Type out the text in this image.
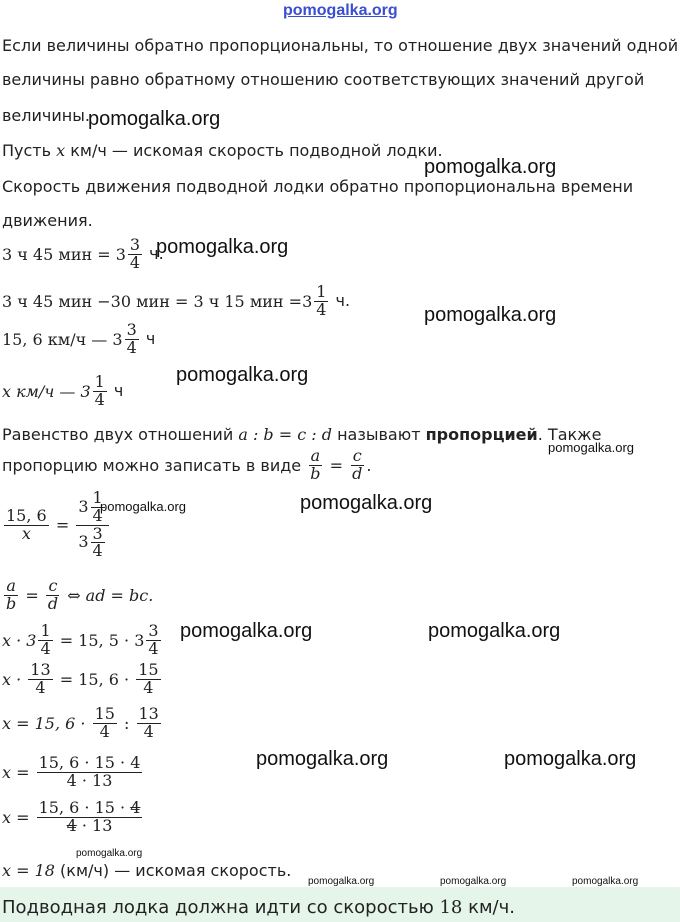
pomogalka.org
Если величины обратно пропорциональны, то отношение двух значений одной
величины равно обратному отношению соответствующих значений другой
величины.
Пусть x км/ч — искомая скорость подводной лодки.
Скорость движения подводной лодки обратно пропорциональна времени
движения.
3 ч 45 мин = $3 \frac{3}{4} ч$.
3 ч 45 мин −30 мин = 3 ч 15 мин $=3 \frac{1}{4} ч$.
15, 6 км/ч — $3 \frac{3}{4}$ ч
x км/ч — $3 \frac{1}{4}$ ч
Равенство двух отношений a : b = c : d называют пропорцией. Также
пропорцию можно записать в виде $\frac{a}{b} = \frac{c}{d}$ .
$\frac{15, 6}{x} = \frac{3 \frac{1}{4}}{3 \frac{3}{4}}$
$\frac{a}{b} = \frac{c}{d}$ ⇔ ad = bc.
$x \cdot 3 \frac{1}{4} = 15$, $5 \cdot 3 \frac{3}{4}$
$x \cdot \frac{13}{4} = 15$, $6 \cdot \frac{15}{4}$
x = 15, $6 \cdot \frac{15}{4}$ : $\frac{13}{4}$
$x = \frac{15, 6 \cdot 15 \cdot 4}{4 \cdot 13}$
$x = \frac{15, 6 \cdot 15 \cdot 4}{4 \cdot 13}$
x = 18 (км/ч) — искомая скорость.
Подводная лодка должна идти со скоростью 18 км/ч.
pomogalka.org
pomogalka.org
pomogalka.org
pomogalka.org
pomogalka.org
pomogalka.org
pomogalka.org	pomogalka.org
pomogalka.org	pomogalka.org
pomogalka.org	pomogalka.org
pomogalka.org
pomogalka.org	pomogalka.org	pomogalka.org
